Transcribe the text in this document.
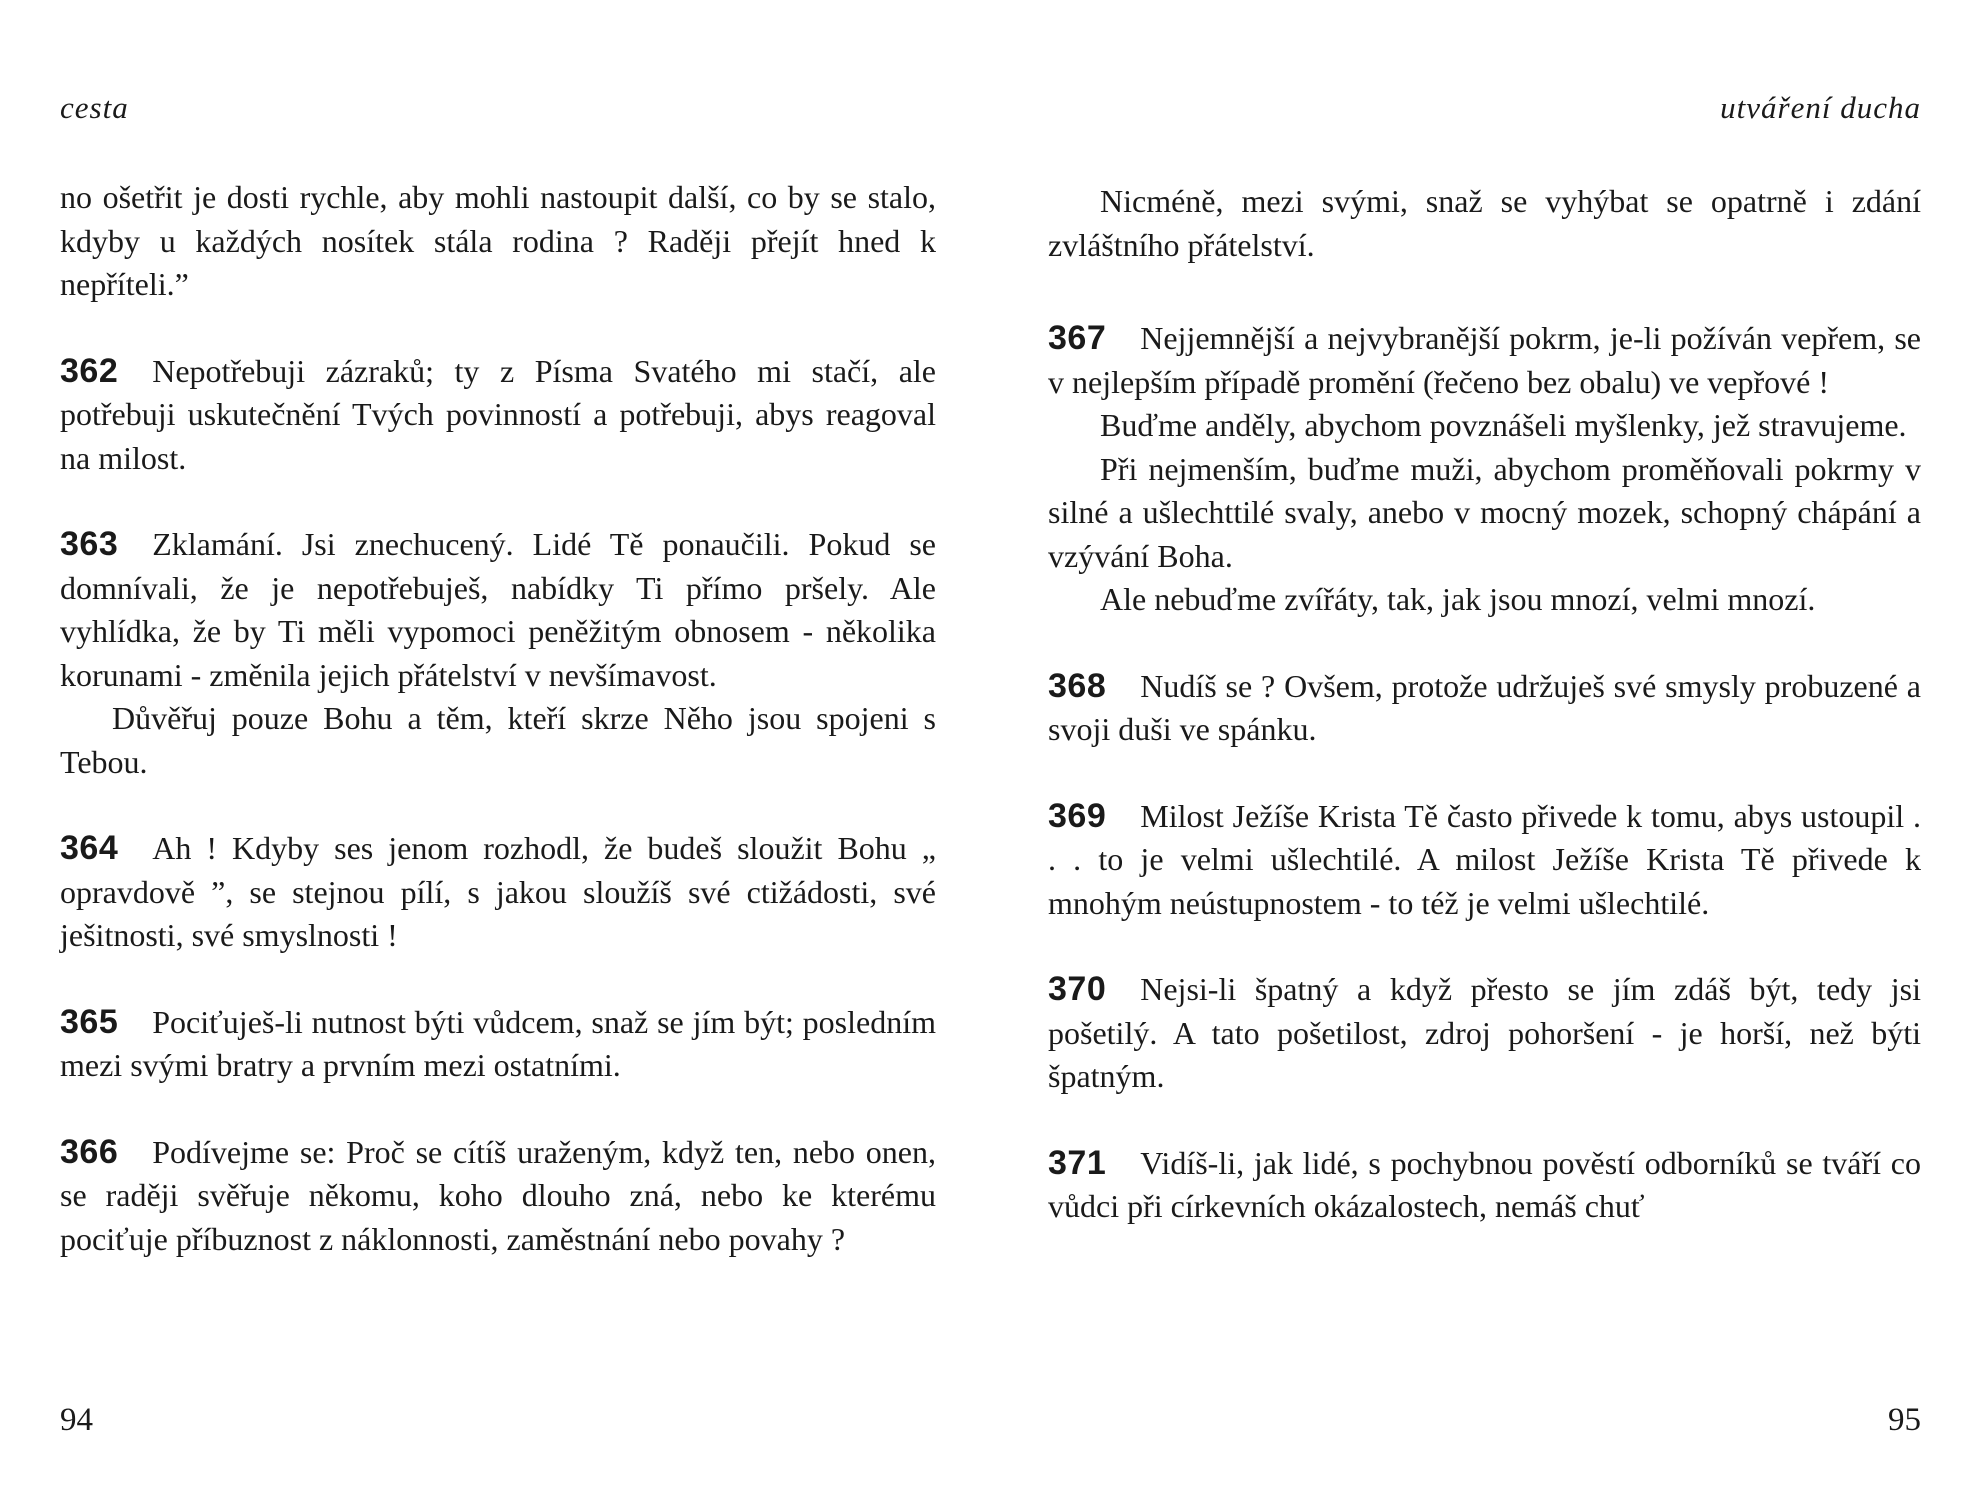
cesta

no ošetřit je dosti rychle, aby mohli nastoupit další, co by se stalo, kdyby u každých nosítek stála rodina ? Raději přejít hned k nepříteli.”

362 Nepotřebuji zázraků; ty z Písma Svatého mi stačí, ale potřebuji uskutečnění Tvých povinností a potřebuji, abys reagoval na milost.

363 Zklamání. Jsi znechucený. Lidé Tě ponaučili. Pokud se domnívali, že je nepotřebuješ, nabídky Ti přímo pršely. Ale vyhlídka, že by Ti měli vypomoci peněžitým obnosem - několika korunami - změnila jejich přátelství v nevšímavost.

Důvěřuj pouze Bohu a těm, kteří skrze Něho jsou spojeni s Tebou.

364 Ah ! Kdyby ses jenom rozhodl, že budeš sloužit Bohu „ opravdově ”, se stejnou pílí, s jakou sloužíš své ctižádosti, své ješitnosti, své smyslnosti !

365 Pociťuješ-li nutnost býti vůdcem, snaž se jím být; posledním mezi svými bratry a prvním mezi ostatními.

366 Podívejme se: Proč se cítíš uraženým, když ten, nebo onen, se raději svěřuje někomu, koho dlouho zná, nebo ke kterému pociťuje příbuznost z náklonnosti, zaměstnání nebo povahy ?

94
utváření ducha

Nicméně, mezi svými, snaž se vyhýbat se opatrně i zdání zvláštního přátelství.

367 Nejjemnější a nejvybranější pokrm, je-li požíván vepřem, se v nejlepším případě promění (řečeno bez obalu) ve vepřové !

Buďme anděly, abychom povznášeli myšlenky, jež stravujeme.

Při nejmenším, buďme muži, abychom proměňovali pokrmy v silné a ušlechttilé svaly, anebo v mocný mozek, schopný chápání a vzývání Boha.

Ale nebuďme zvířáty, tak, jak jsou mnozí, velmi mnozí.

368 Nudíš se ? Ovšem, protože udržuješ své smysly probuzené a svoji duši ve spánku.

369 Milost Ježíše Krista Tě často přivede k tomu, abys ustoupil . . . to je velmi ušlechtilé. A milost Ježíše Krista Tě přivede k mnohým neústupnostem - to též je velmi ušlechtilé.

370 Nejsi-li špatný a když přesto se jím zdáš být, tedy jsi pošetilý. A tato pošetilost, zdroj pohoršení - je horší, než býti špatným.

371 Vidíš-li, jak lidé, s pochybnou pověstí odborníků se tváří co vůdci při církevních okázalostech, nemáš chuť

95
